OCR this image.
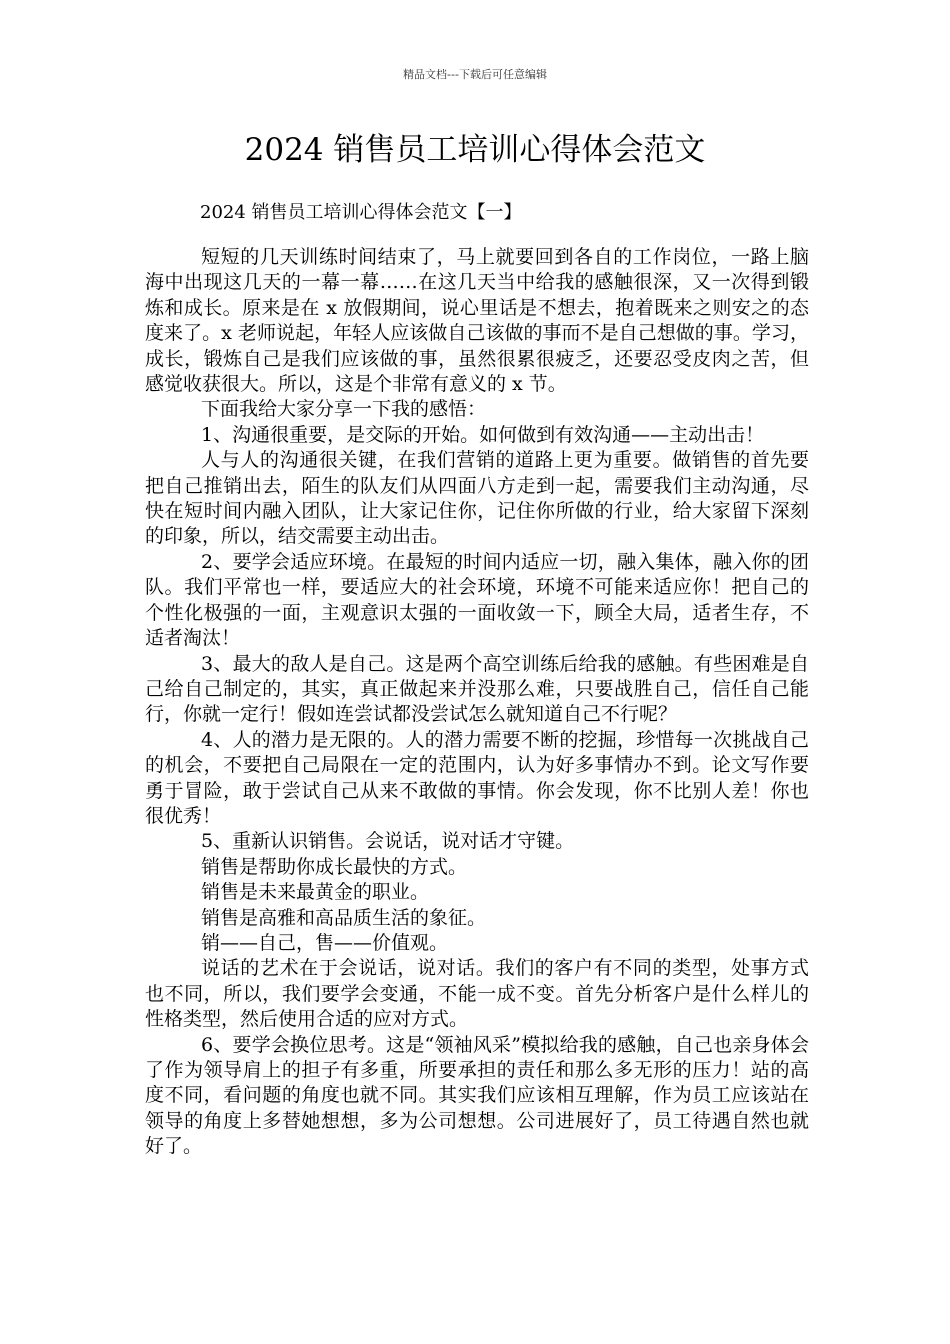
精品文档---下载后可任意编辑
2024 销售员工培训心得体会范文
2024 销售员工培训心得体会范文【一】

短短的几天训练时间结束了，马上就要回到各自的工作岗位，一路上脑海中出现这几天的一幕一幕……在这几天当中给我的感触很深，又一次得到锻炼和成长。原来是在 x 放假期间，说心里话是不想去，抱着既来之则安之的态度来了。x 老师说起，年轻人应该做自己该做的事而不是自己想做的事。学习，成长，锻炼自己是我们应该做的事，虽然很累很疲乏，还要忍受皮肉之苦，但感觉收获很大。所以，这是个非常有意义的 x 节。

下面我给大家分享一下我的感悟：

1、沟通很重要，是交际的开始。如何做到有效沟通——主动出击！

人与人的沟通很关键，在我们营销的道路上更为重要。做销售的首先要把自己推销出去，陌生的队友们从四面八方走到一起，需要我们主动沟通，尽快在短时间内融入团队，让大家记住你，记住你所做的行业，给大家留下深刻的印象，所以，结交需要主动出击。

2、要学会适应环境。在最短的时间内适应一切，融入集体，融入你的团队。我们平常也一样，要适应大的社会环境，环境不可能来适应你！把自己的个性化极强的一面，主观意识太强的一面收敛一下，顾全大局，适者生存，不适者淘汰！

3、最大的敌人是自己。这是两个高空训练后给我的感触。有些困难是自己给自己制定的，其实，真正做起来并没那么难，只要战胜自己，信任自己能行，你就一定行！假如连尝试都没尝试怎么就知道自己不行呢？

4、人的潜力是无限的。人的潜力需要不断的挖掘，珍惜每一次挑战自己的机会，不要把自己局限在一定的范围内，认为好多事情办不到。论文写作要勇于冒险，敢于尝试自己从来不敢做的事情。你会发现，你不比别人差！你也很优秀！

5、重新认识销售。会说话，说对话才守键。

销售是帮助你成长最快的方式。

销售是未来最黄金的职业。

销售是高雅和高品质生活的象征。

销——自己，售——价值观。

说话的艺术在于会说话，说对话。我们的客户有不同的类型，处事方式也不同，所以，我们要学会变通，不能一成不变。首先分析客户是什么样儿的性格类型，然后使用合适的应对方式。

6、要学会换位思考。这是“领袖风采”模拟给我的感触，自己也亲身体会了作为领导肩上的担子有多重，所要承担的责任和那么多无形的压力！站的高度不同，看问题的角度也就不同。其实我们应该相互理解，作为员工应该站在领导的角度上多替她想想，多为公司想想。公司进展好了，员工待遇自然也就好了。
